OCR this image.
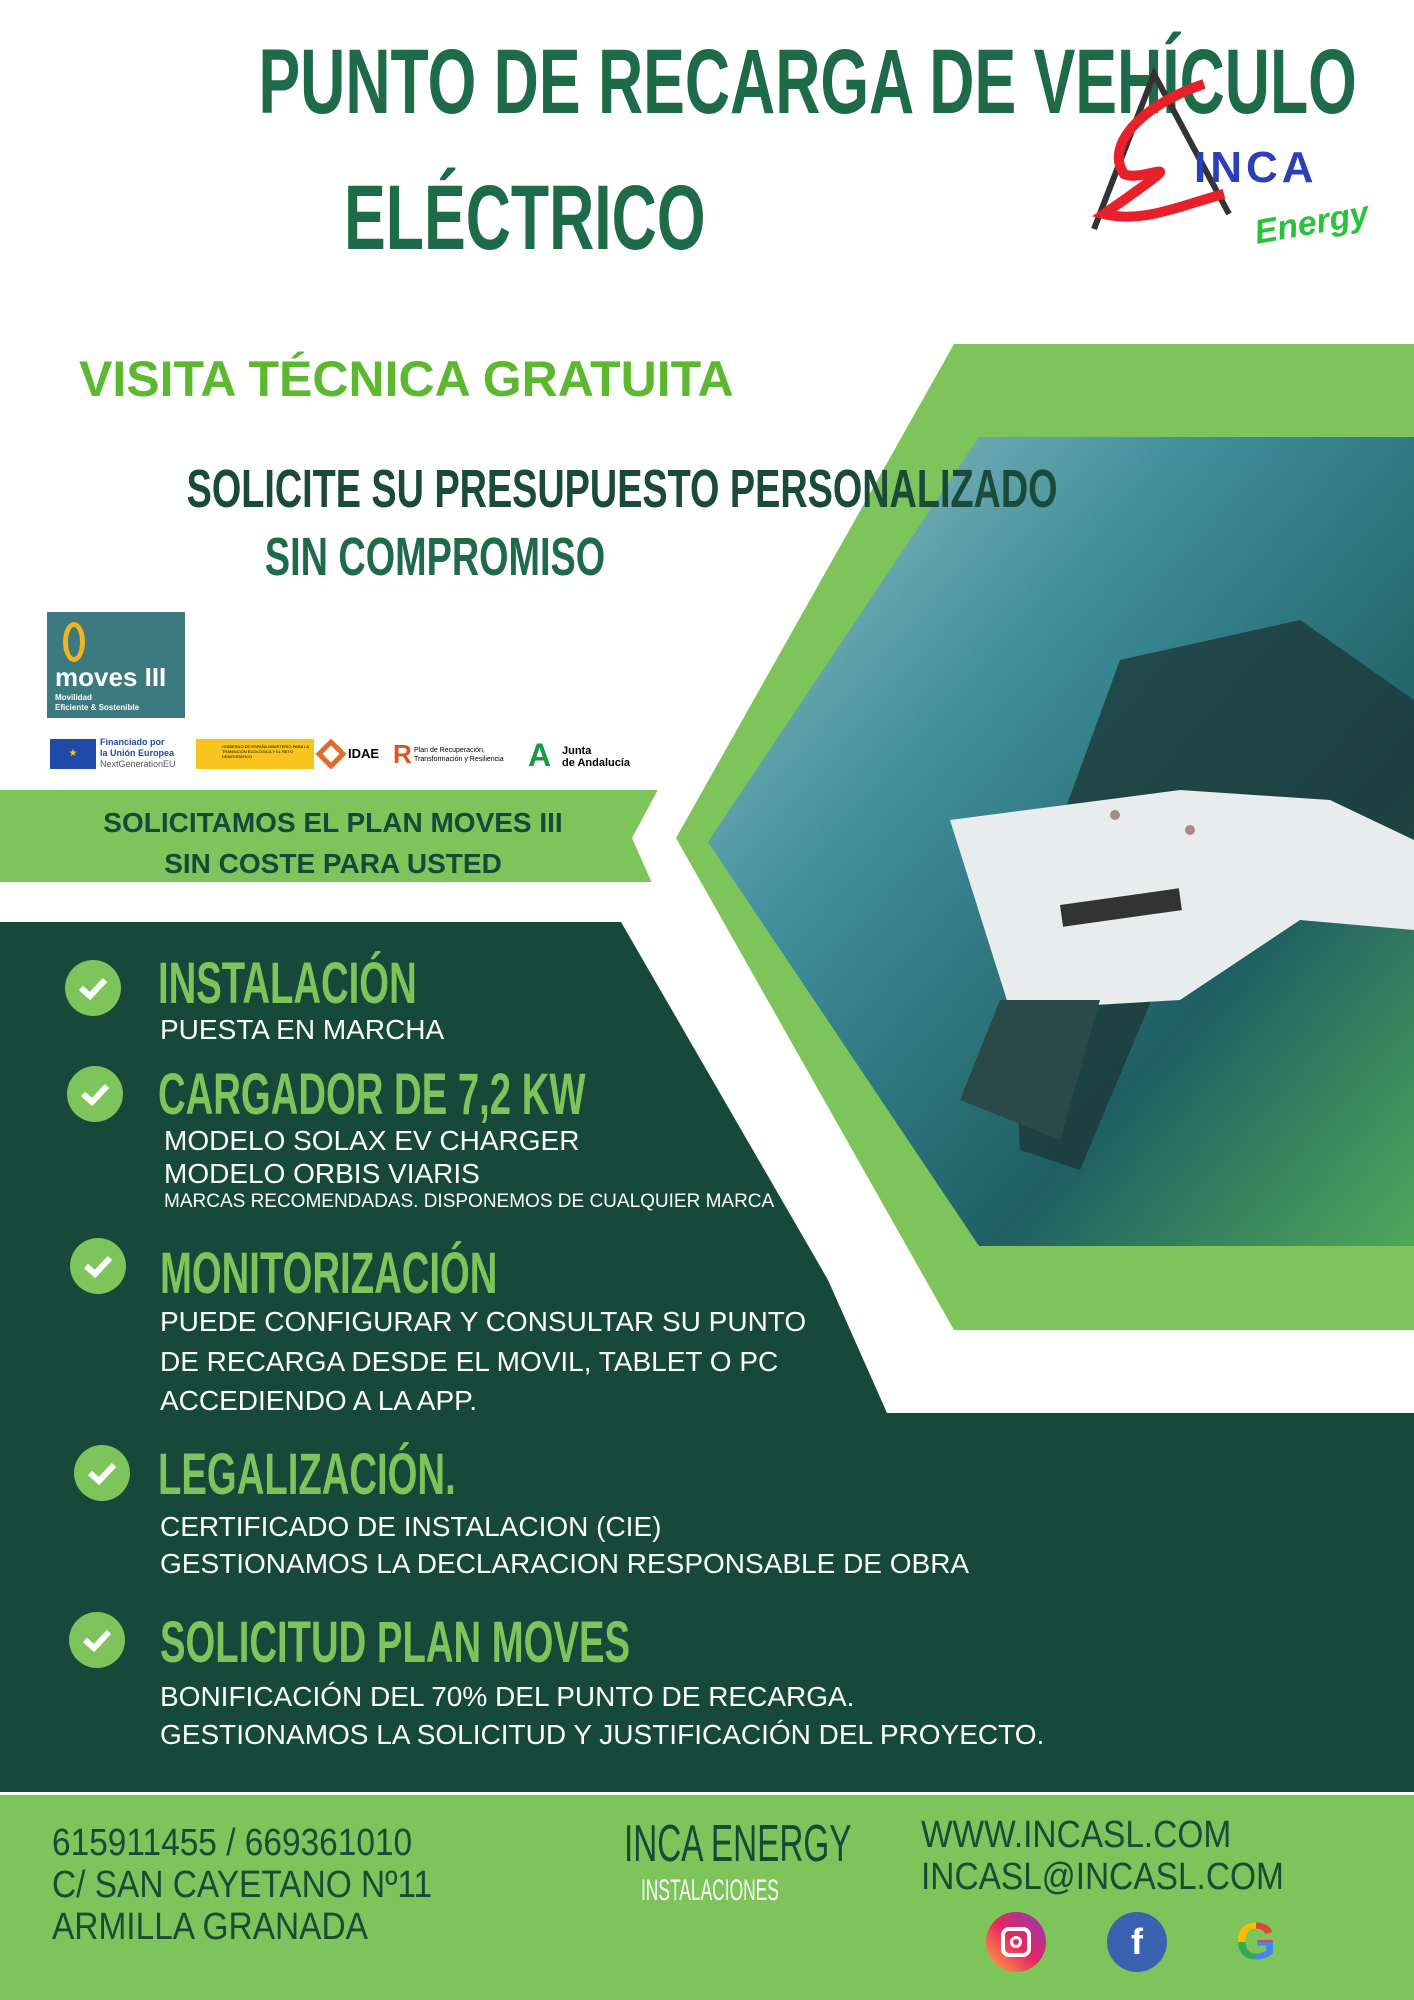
PUNTO DE RECARGA DE VEHÍCULO
ELÉCTRICO	INCA
Energy
VISITA TÉCNICA GRATUITA
SOLICITE SU PRESUPUESTO PERSONALIZADO
SIN COMPROMISO
moves III
Movilidad
Eficiente & Sostenible
★
Financiado por
la Unión Europea
NextGenerationEU
GOBIERNO DE ESPAÑA MINISTERIO PARA LA TRANSICIÓN ECOLÓGICA Y EL RETO DEMOGRÁFICO	IDAE R Plan de Recuperación,
Transformación y Resiliencia A Junta
de Andalucía
SOLICITAMOS EL PLAN MOVES III
SIN COSTE PARA USTED
INSTALACIÓN
PUESTA EN MARCHA
CARGADOR DE 7,2 KW
MODELO SOLAX EV CHARGER
MODELO ORBIS VIARIS
MARCAS RECOMENDADAS. DISPONEMOS DE CUALQUIER MARCA
MONITORIZACIÓN
PUEDE CONFIGURAR Y CONSULTAR SU PUNTO
DE RECARGA DESDE EL MOVIL, TABLET O PC
ACCEDIENDO A LA APP.
LEGALIZACIÓN.
CERTIFICADO DE INSTALACION (CIE)
GESTIONAMOS LA DECLARACION RESPONSABLE DE OBRA
SOLICITUD PLAN MOVES
BONIFICACIÓN DEL 70% DEL PUNTO DE RECARGA.
GESTIONAMOS LA SOLICITUD Y JUSTIFICACIÓN DEL PROYECTO.
615911455 / 669361010
C/ SAN CAYETANO Nº11
ARMILLA GRANADA
INCA ENERGY
INSTALACIONES
WWW.INCASL.COM
INCASL@INCASL.COM
f	G
